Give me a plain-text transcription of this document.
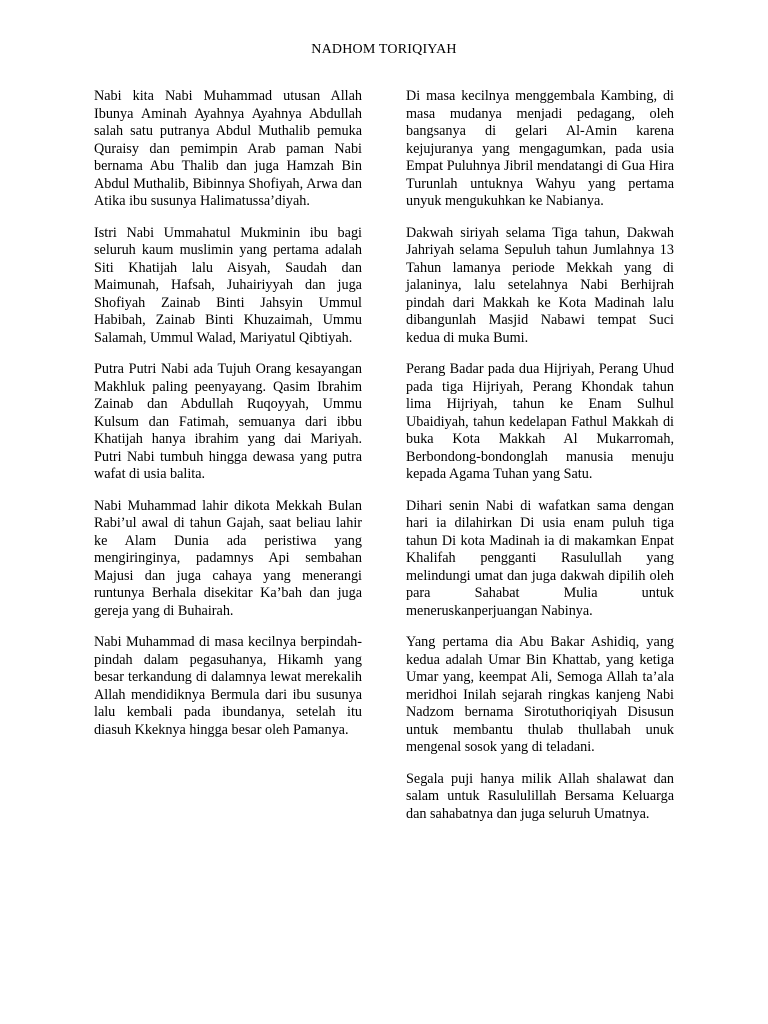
NADHOM TORIQIYAH

Nabi kita Nabi Muhammad utusan Allah Ibunya Aminah Ayahnya Ayahnya Abdullah salah satu putranya Abdul Muthalib pemuka Quraisy dan pemimpin Arab paman Nabi bernama Abu Thalib dan juga Hamzah Bin Abdul Muthalib, Bibinnya Shofiyah, Arwa dan Atika ibu susunya Halimatussa’diyah.

Istri Nabi Ummahatul Mukminin ibu bagi seluruh kaum muslimin yang pertama adalah Siti Khatijah lalu Aisyah, Saudah dan Maimunah, Hafsah, Juhairiyyah dan juga Shofiyah Zainab Binti Jahsyin Ummul Habibah, Zainab Binti Khuzaimah, Ummu Salamah, Ummul Walad, Mariyatul Qibtiyah.

Putra Putri Nabi ada Tujuh Orang kesayangan Makhluk paling peenyayang. Qasim Ibrahim Zainab dan Abdullah Ruqoyyah, Ummu Kulsum dan Fatimah, semuanya dari ibbu Khatijah hanya ibrahim yang dai Mariyah. Putri Nabi tumbuh hingga dewasa yang putra wafat di usia balita.

Nabi Muhammad lahir dikota Mekkah Bulan Rabi’ul awal di tahun Gajah, saat beliau lahir ke Alam Dunia ada peristiwa yang mengiringinya, padamnys Api sembahan Majusi dan juga cahaya yang menerangi runtunya Berhala disekitar Ka’bah dan juga gereja yang di Buhairah.

Nabi Muhammad di masa kecilnya berpindah-pindah dalam pegasuhanya, Hikamh yang besar terkandung di dalamnya lewat merekalih Allah mendidiknya Bermula dari ibu susunya lalu kembali pada ibundanya, setelah itu diasuh Kkeknya hingga besar oleh Pamanya.

Di masa kecilnya menggembala Kambing, di masa mudanya menjadi pedagang, oleh bangsanya di gelari Al-Amin karena kejujuranya yang mengagumkan, pada usia Empat Puluhnya Jibril mendatangi di Gua Hira Turunlah untuknya Wahyu yang pertama unyuk mengukuhkan ke Nabianya.

Dakwah siriyah selama Tiga tahun, Dakwah Jahriyah selama Sepuluh tahun Jumlahnya 13 Tahun lamanya periode Mekkah yang di jalaninya, lalu setelahnya Nabi Berhijrah pindah dari Makkah ke Kota Madinah lalu dibangunlah Masjid Nabawi tempat Suci kedua di muka Bumi.

Perang Badar pada dua Hijriyah, Perang Uhud pada tiga Hijriyah, Perang Khondak tahun lima Hijriyah, tahun ke Enam Sulhul Ubaidiyah, tahun kedelapan Fathul Makkah di buka Kota Makkah Al Mukarromah, Berbondong-bondonglah manusia menuju kepada Agama Tuhan yang Satu.

Dihari senin Nabi di wafatkan sama dengan hari ia dilahirkan Di usia enam puluh tiga tahun Di kota Madinah ia di makamkan Enpat Khalifah pengganti Rasulullah yang melindungi umat dan juga dakwah dipilih oleh para Sahabat Mulia untuk meneruskanperjuangan Nabinya.

Yang pertama dia Abu Bakar Ashidiq, yang kedua adalah Umar Bin Khattab, yang ketiga Umar yang, keempat Ali, Semoga Allah ta’ala meridhoi Inilah sejarah ringkas kanjeng Nabi Nadzom bernama Sirotuthoriqiyah Disusun untuk membantu thulab thullabah unuk mengenal sosok yang di teladani.

Segala puji hanya milik Allah shalawat dan salam untuk Rasululillah Bersama Keluarga dan sahabatnya dan juga seluruh Umatnya.
